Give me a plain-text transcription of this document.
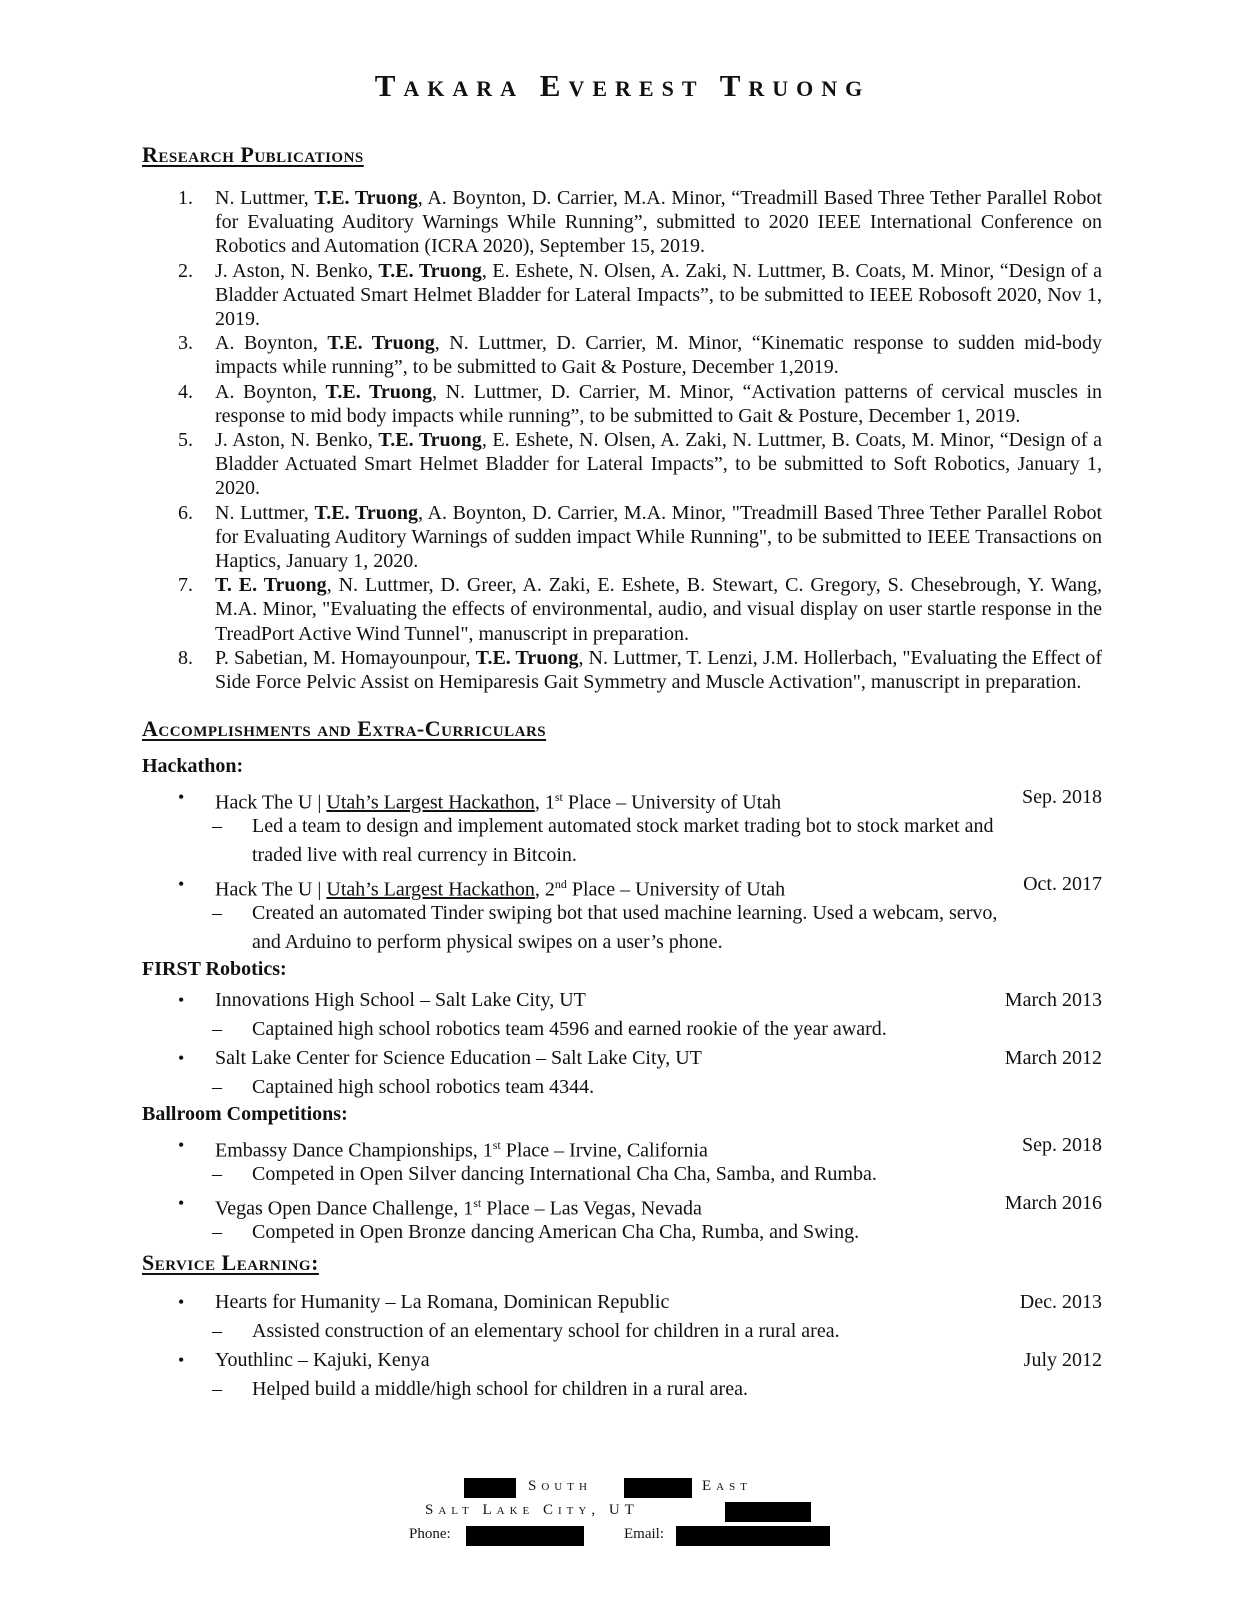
Takara Everest Truong
Research Publications
1. N. Luttmer, T.E. Truong, A. Boynton, D. Carrier, M.A. Minor, “Treadmill Based Three Tether Parallel Robot for Evaluating Auditory Warnings While Running”, submitted to 2020 IEEE International Conference on Robotics and Automation (ICRA 2020), September 15, 2019.
2. J. Aston, N. Benko, T.E. Truong, E. Eshete, N. Olsen, A. Zaki, N. Luttmer, B. Coats, M. Minor, “Design of a Bladder Actuated Smart Helmet Bladder for Lateral Impacts”, to be submitted to IEEE Robosoft 2020, Nov 1, 2019.
3. A. Boynton, T.E. Truong, N. Luttmer, D. Carrier, M. Minor, “Kinematic response to sudden mid-body impacts while running”, to be submitted to Gait & Posture, December 1,2019.
4. A. Boynton, T.E. Truong, N. Luttmer, D. Carrier, M. Minor, “Activation patterns of cervical muscles in response to mid body impacts while running”, to be submitted to Gait & Posture, December 1, 2019.
5. J. Aston, N. Benko, T.E. Truong, E. Eshete, N. Olsen, A. Zaki, N. Luttmer, B. Coats, M. Minor, “Design of a Bladder Actuated Smart Helmet Bladder for Lateral Impacts”, to be submitted to Soft Robotics, January 1, 2020.
6. N. Luttmer, T.E. Truong, A. Boynton, D. Carrier, M.A. Minor, "Treadmill Based Three Tether Parallel Robot for Evaluating Auditory Warnings of sudden impact While Running", to be submitted to IEEE Transactions on Haptics, January 1, 2020.
7. T. E. Truong, N. Luttmer, D. Greer, A. Zaki, E. Eshete, B. Stewart, C. Gregory, S. Chesebrough, Y. Wang, M.A. Minor, "Evaluating the effects of environmental, audio, and visual display on user startle response in the TreadPort Active Wind Tunnel", manuscript in preparation.
8. P. Sabetian, M. Homayounpour, T.E. Truong, N. Luttmer, T. Lenzi, J.M. Hollerbach, "Evaluating the Effect of Side Force Pelvic Assist on Hemiparesis Gait Symmetry and Muscle Activation", manuscript in preparation.
Accomplishments and Extra-Curriculars
Hackathon:
• Hack The U | Utah’s Largest Hackathon, 1st Place – University of Utah	Sep. 2018
– Led a team to design and implement automated stock market trading bot to stock market and
traded live with real currency in Bitcoin.
• Hack The U | Utah’s Largest Hackathon, 2nd Place – University of Utah	Oct. 2017
– Created an automated Tinder swiping bot that used machine learning. Used a webcam, servo,
and Arduino to perform physical swipes on a user’s phone.
FIRST Robotics:
• Innovations High School – Salt Lake City, UT	March 2013
– Captained high school robotics team 4596 and earned rookie of the year award.
• Salt Lake Center for Science Education – Salt Lake City, UT	March 2012
– Captained high school robotics team 4344.
Ballroom Competitions:
• Embassy Dance Championships, 1st Place – Irvine, California	Sep. 2018
– Competed in Open Silver dancing International Cha Cha, Samba, and Rumba.
• Vegas Open Dance Challenge, 1st Place – Las Vegas, Nevada	March 2016
– Competed in Open Bronze dancing American Cha Cha, Rumba, and Swing.
Service Learning:
• Hearts for Humanity – La Romana, Dominican Republic	Dec. 2013
– Assisted construction of an elementary school for children in a rural area.
• Youthlinc – Kajuki, Kenya	July 2012
– Helped build a middle/high school for children in a rural area.
South	East
Salt Lake City, UT
Phone:	Email:
